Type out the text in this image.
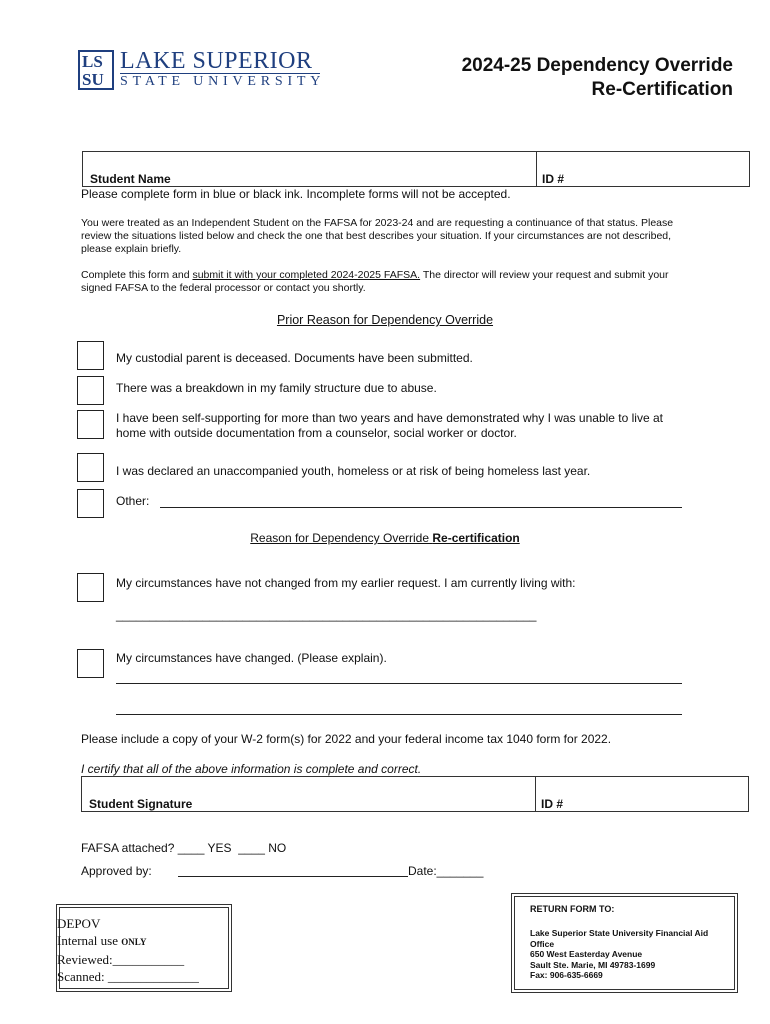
LS
SU
LAKE SUPERIOR
STATE UNIVERSITY
2024-25 Dependency Override
Re-Certification
Student Name	ID #
Please complete form in blue or black ink. Incomplete forms will not be accepted.
You were treated as an Independent Student on the FAFSA for 2023-24 and are requesting a continuance of that status. Please review the situations listed below and check the one that best describes your situation. If your circumstances are not described, please explain briefly.
Complete this form and submit it with your completed 2024-2025 FAFSA. The director will review your request and submit your signed FAFSA to the federal processor or contact you shortly.
Prior Reason for Dependency Override
My custodial parent is deceased. Documents have been submitted.
There was a breakdown in my family structure due to abuse.
I have been self-supporting for more than two years and have demonstrated why I was unable to live at home with outside documentation from a counselor, social worker or doctor.
I was declared an unaccompanied youth, homeless or at risk of being homeless last year.
Other:
Reason for Dependency Override Re-certification
My circumstances have not changed from my earlier request. I am currently living with:
_______________________________________________________________
My circumstances have changed. (Please explain).
Please include a copy of your W-2 form(s) for 2022 and your federal income tax 1040 form for 2022.
I certify that all of the above information is complete and correct.
Student Signature	ID #
FAFSA attached? ____ YES  ____ NO
Approved by:	Date:_______
DEPOV
Internal use ONLY
Reviewed:___________
Scanned: ______________
RETURN FORM TO:
Lake Superior State University Financial Aid Office
650 West Easterday Avenue
Sault Ste. Marie, MI 49783-1699
Fax: 906-635-6669
